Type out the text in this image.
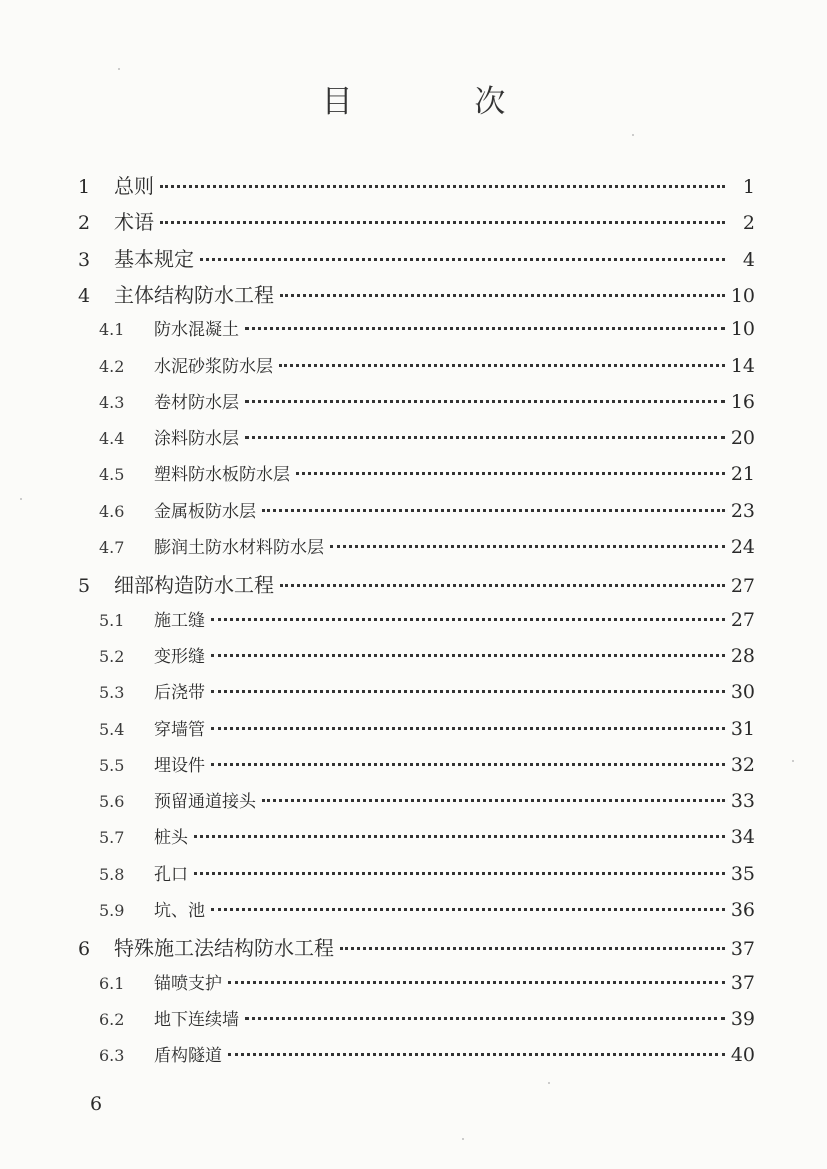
目 次
1	总则	1
2	术语	2
3	基本规定	4
4	主体结构防水工程	10
4.1	防水混凝土	10
4.2	水泥砂浆防水层	14
4.3	卷材防水层	16
4.4	涂料防水层	20
4.5	塑料防水板防水层	21
4.6	金属板防水层	23
4.7	膨润土防水材料防水层	24
5	细部构造防水工程	27
5.1	施工缝	27
5.2	变形缝	28
5.3	后浇带	30
5.4	穿墙管	31
5.5	埋设件	32
5.6	预留通道接头	33
5.7	桩头	34
5.8	孔口	35
5.9	坑、池	36
6	特殊施工法结构防水工程	37
6.1	锚喷支护	37
6.2	地下连续墙	39
6.3	盾构隧道	40
6
